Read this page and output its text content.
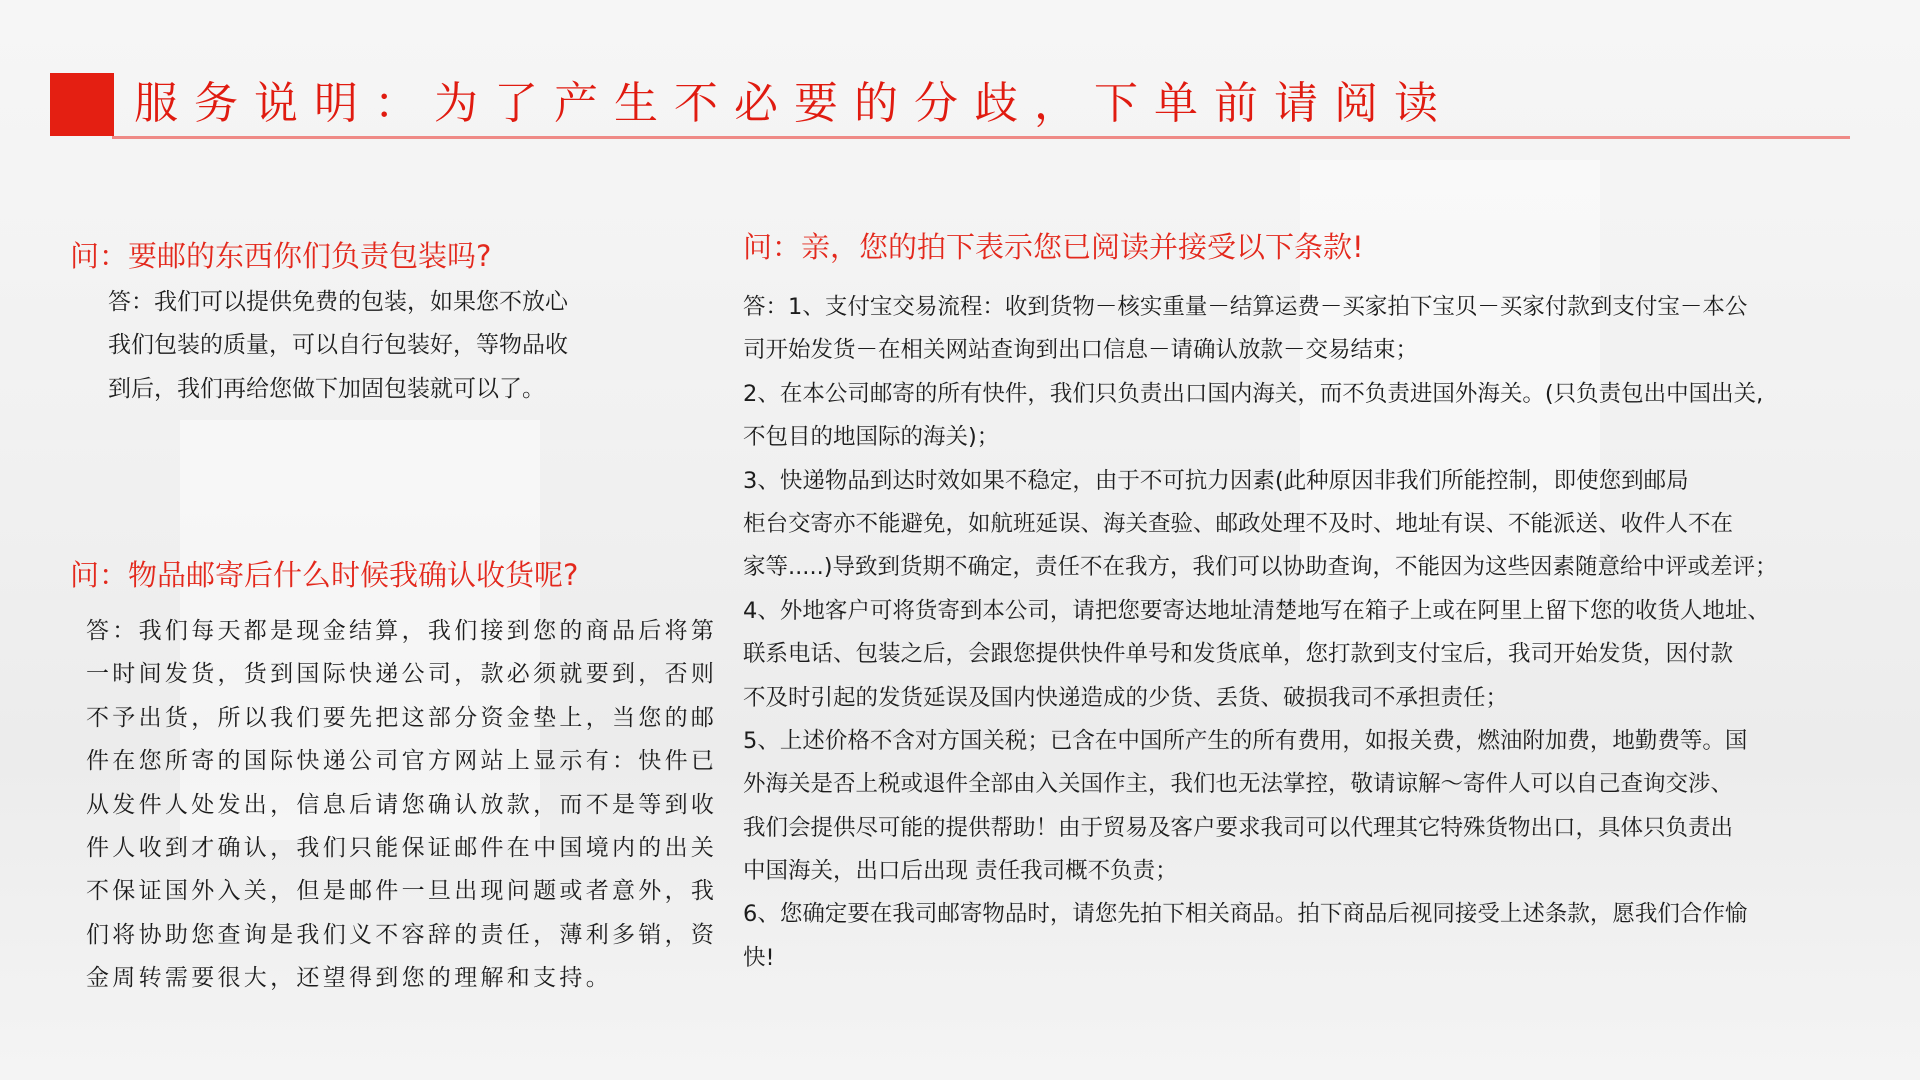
服务说明：为了产生不必要的分歧，下单前请阅读
问：要邮的东西你们负责包装吗?
答：我们可以提供免费的包装，如果您不放心
我们包装的质量，可以自行包装好，等物品收
到后，我们再给您做下加固包装就可以了。
问：物品邮寄后什么时候我确认收货呢?
答：我们每天都是现金结算，我们接到您的商品后将第
一时间发货，货到国际快递公司，款必须就要到，否则
不予出货，所以我们要先把这部分资金垫上，当您的邮
件在您所寄的国际快递公司官方网站上显示有：快件已
从发件人处发出，信息后请您确认放款，而不是等到收
件人收到才确认，我们只能保证邮件在中国境内的出关
不保证国外入关，但是邮件一旦出现问题或者意外，我
们将协助您查询是我们义不容辞的责任，薄利多销，资
金周转需要很大，还望得到您的理解和支持。
问：亲，您的拍下表示您已阅读并接受以下条款!
答：1、支付宝交易流程：收到货物－核实重量－结算运费－买家拍下宝贝－买家付款到支付宝－本公
司开始发货－在相关网站查询到出口信息－请确认放款－交易结束；
2、在本公司邮寄的所有快件，我们只负责出口国内海关，而不负责进国外海关。(只负责包出中国出关,
不包目的地国际的海关)；
3、快递物品到达时效如果不稳定，由于不可抗力因素(此种原因非我们所能控制，即使您到邮局
柜台交寄亦不能避免，如航班延误、海关查验、邮政处理不及时、地址有误、不能派送、收件人不在
家等.....)导致到货期不确定，责任不在我方，我们可以协助查询，不能因为这些因素随意给中评或差评；
4、外地客户可将货寄到本公司，请把您要寄达地址清楚地写在箱子上或在阿里上留下您的收货人地址、
联系电话、包装之后，会跟您提供快件单号和发货底单，您打款到支付宝后，我司开始发货，因付款
不及时引起的发货延误及国内快递造成的少货、丢货、破损我司不承担责任；
5、上述价格不含对方国关税；已含在中国所产生的所有费用，如报关费，燃油附加费，地勤费等。国
外海关是否上税或退件全部由入关国作主，我们也无法掌控，敬请谅解～寄件人可以自己查询交涉、
我们会提供尽可能的提供帮助！由于贸易及客户要求我司可以代理其它特殊货物出口，具体只负责出
中国海关，出口后出现 责任我司概不负责；
6、您确定要在我司邮寄物品时，请您先拍下相关商品。拍下商品后视同接受上述条款，愿我们合作愉
快!
